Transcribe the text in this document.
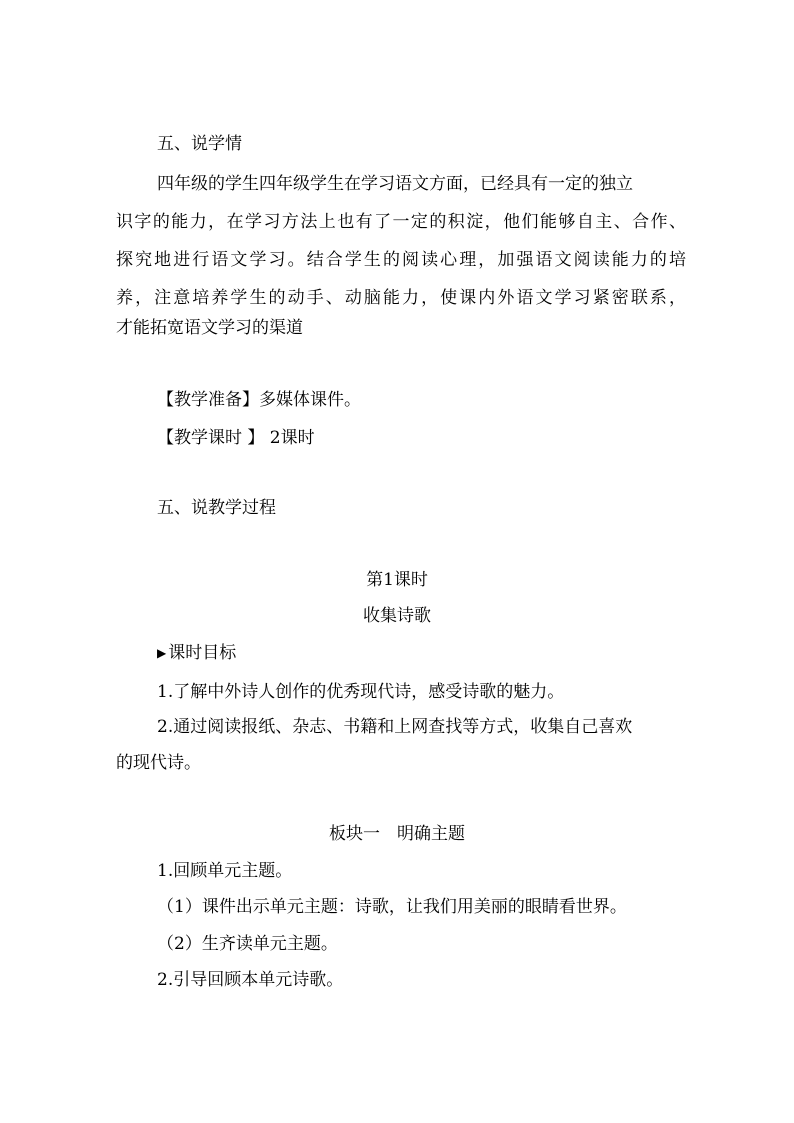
五、说学情
四年级的学生四年级学生在学习语文方面，已经具有一定的独立
识字的能力，在学习方法上也有了一定的积淀，他们能够自主、合作、
探究地进行语文学习。结合学生的阅读心理，加强语文阅读能力的培
养，注意培养学生的动手、动脑能力，使课内外语文学习紧密联系，
才能拓宽语文学习的渠道
【教学准备】多媒体课件。
【教学课时 】 2课时
五、说教学过程
第1课时
收集诗歌
▶ 课时目标
1.了解中外诗人创作的优秀现代诗，感受诗歌的魅力。
2.通过阅读报纸、杂志、书籍和上网查找等方式，收集自己喜欢
的现代诗。
板块一　明确主题
1.回顾单元主题。
（1）课件出示单元主题：诗歌，让我们用美丽的眼睛看世界。
（2）生齐读单元主题。
2.引导回顾本单元诗歌。
